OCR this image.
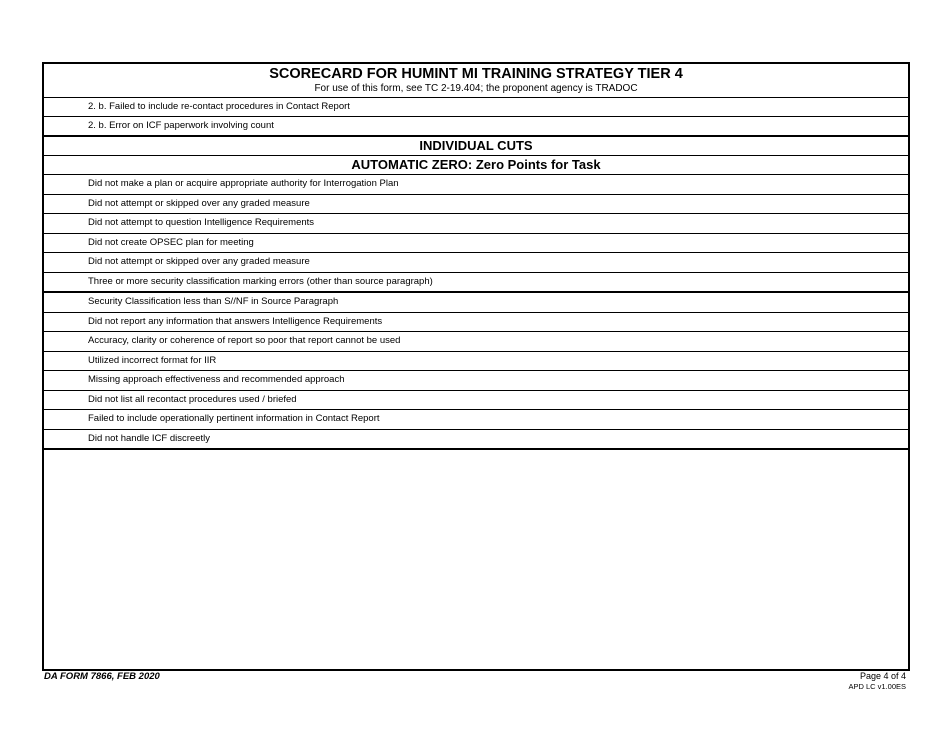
SCORECARD FOR HUMINT MI TRAINING STRATEGY TIER 4
For use of this form, see TC 2-19.404; the proponent agency is TRADOC
2. b. Failed to include re-contact procedures in Contact Report
2. b. Error on ICF paperwork involving count
INDIVIDUAL CUTS
AUTOMATIC ZERO: Zero Points for Task
Did not make a plan or acquire appropriate authority for Interrogation Plan
Did not attempt or skipped over any graded measure
Did not attempt to question Intelligence Requirements
Did not create OPSEC plan for meeting
Did not attempt or skipped over any graded measure
Three or more security classification marking errors (other than source paragraph)
Security Classification less than S//NF in Source Paragraph
Did not report any information that answers Intelligence Requirements
Accuracy, clarity or coherence of report so poor that report cannot be used
Utilized incorrect format for IIR
Missing approach effectiveness and recommended approach
Did not list all recontact procedures used / briefed
Failed to include operationally pertinent information in Contact Report
Did not handle ICF discreetly
DA FORM 7866, FEB 2020	Page 4 of 4
APD LC v1.00ES
